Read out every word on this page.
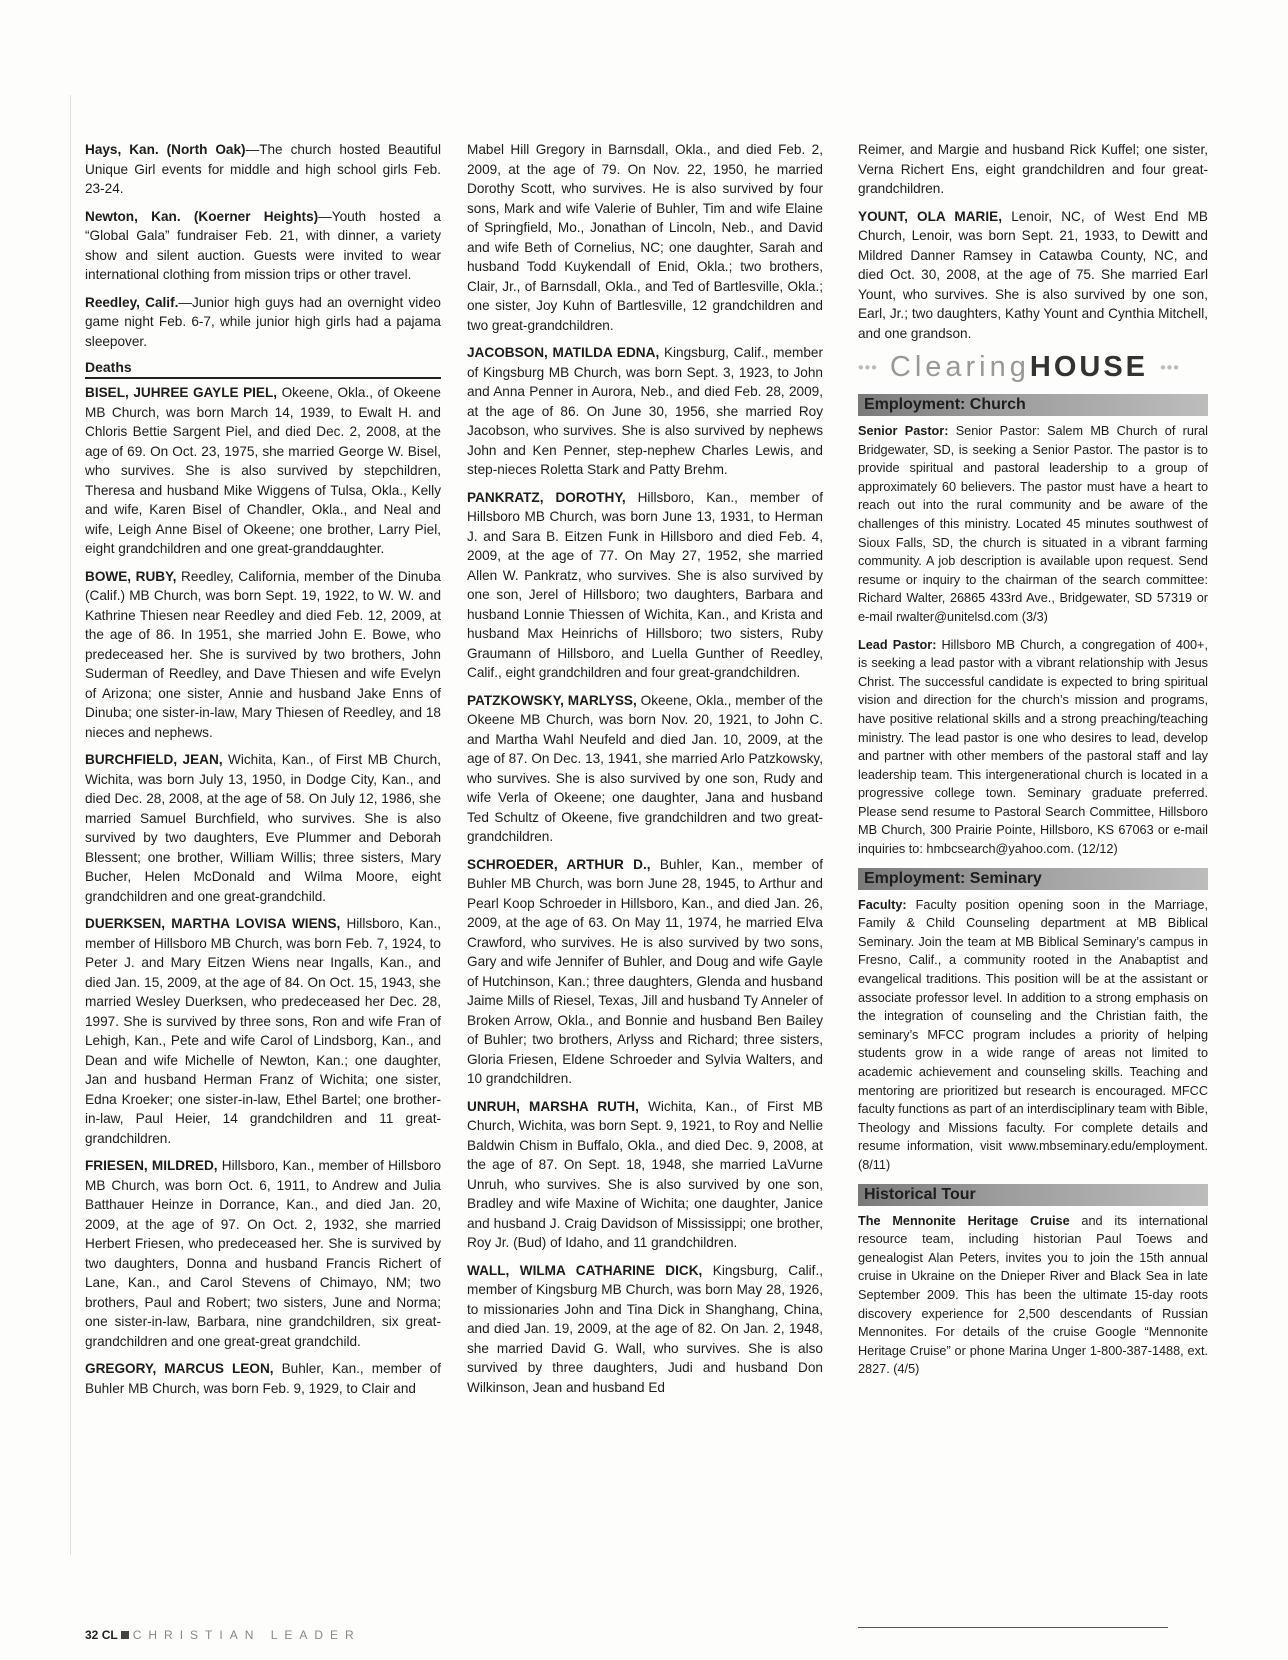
Hays, Kan. (North Oak)—The church hosted Beautiful Unique Girl events for middle and high school girls Feb. 23-24.

Newton, Kan. (Koerner Heights)—Youth hosted a “Global Gala” fundraiser Feb. 21, with dinner, a variety show and silent auction. Guests were invited to wear international clothing from mission trips or other travel.

Reedley, Calif.—Junior high guys had an overnight video game night Feb. 6-7, while junior high girls had a pajama sleepover.

Deaths

BISEL, JUHREE GAYLE PIEL, Okeene, Okla., of Okeene MB Church, was born March 14, 1939, to Ewalt H. and Chloris Bettie Sargent Piel, and died Dec. 2, 2008, at the age of 69. On Oct. 23, 1975, she married George W. Bisel, who survives. She is also survived by stepchildren, Theresa and husband Mike Wiggens of Tulsa, Okla., Kelly and wife, Karen Bisel of Chandler, Okla., and Neal and wife, Leigh Anne Bisel of Okeene; one brother, Larry Piel, eight grandchildren and one great-granddaughter.

BOWE, RUBY, Reedley, California, member of the Dinuba (Calif.) MB Church, was born Sept. 19, 1922, to W. W. and Kathrine Thiesen near Reedley and died Feb. 12, 2009, at the age of 86. In 1951, she married John E. Bowe, who predeceased her. She is survived by two brothers, John Suderman of Reedley, and Dave Thiesen and wife Evelyn of Arizona; one sister, Annie and husband Jake Enns of Dinuba; one sister-in-law, Mary Thiesen of Reedley, and 18 nieces and nephews.

BURCHFIELD, JEAN, Wichita, Kan., of First MB Church, Wichita, was born July 13, 1950, in Dodge City, Kan., and died Dec. 28, 2008, at the age of 58. On July 12, 1986, she married Samuel Burchfield, who survives. She is also survived by two daughters, Eve Plummer and Deborah Blessent; one brother, William Willis; three sisters, Mary Bucher, Helen McDonald and Wilma Moore, eight grandchildren and one great-grandchild.

DUERKSEN, MARTHA LOVISA WIENS, Hillsboro, Kan., member of Hillsboro MB Church, was born Feb. 7, 1924, to Peter J. and Mary Eitzen Wiens near Ingalls, Kan., and died Jan. 15, 2009, at the age of 84. On Oct. 15, 1943, she married Wesley Duerksen, who predeceased her Dec. 28, 1997. She is survived by three sons, Ron and wife Fran of Lehigh, Kan., Pete and wife Carol of Lindsborg, Kan., and Dean and wife Michelle of Newton, Kan.; one daughter, Jan and husband Herman Franz of Wichita; one sister, Edna Kroeker; one sister-in-law, Ethel Bartel; one brother-in-law, Paul Heier, 14 grandchildren and 11 great-grandchildren.

FRIESEN, MILDRED, Hillsboro, Kan., member of Hillsboro MB Church, was born Oct. 6, 1911, to Andrew and Julia Batthauer Heinze in Dorrance, Kan., and died Jan. 20, 2009, at the age of 97. On Oct. 2, 1932, she married Herbert Friesen, who predeceased her. She is survived by two daughters, Donna and husband Francis Richert of Lane, Kan., and Carol Stevens of Chimayo, NM; two brothers, Paul and Robert; two sisters, June and Norma; one sister-in-law, Barbara, nine grandchildren, six great-grandchildren and one great-great grandchild.

GREGORY, MARCUS LEON, Buhler, Kan., member of Buhler MB Church, was born Feb. 9, 1929, to Clair and

Mabel Hill Gregory in Barnsdall, Okla., and died Feb. 2, 2009, at the age of 79. On Nov. 22, 1950, he married Dorothy Scott, who survives. He is also survived by four sons, Mark and wife Valerie of Buhler, Tim and wife Elaine of Springfield, Mo., Jonathan of Lincoln, Neb., and David and wife Beth of Cornelius, NC; one daughter, Sarah and husband Todd Kuykendall of Enid, Okla.; two brothers, Clair, Jr., of Barnsdall, Okla., and Ted of Bartlesville, Okla.; one sister, Joy Kuhn of Bartlesville, 12 grandchildren and two great-grandchildren.

JACOBSON, MATILDA EDNA, Kingsburg, Calif., member of Kingsburg MB Church, was born Sept. 3, 1923, to John and Anna Penner in Aurora, Neb., and died Feb. 28, 2009, at the age of 86. On June 30, 1956, she married Roy Jacobson, who survives. She is also survived by nephews John and Ken Penner, step-nephew Charles Lewis, and step-nieces Roletta Stark and Patty Brehm.

PANKRATZ, DOROTHY, Hillsboro, Kan., member of Hillsboro MB Church, was born June 13, 1931, to Herman J. and Sara B. Eitzen Funk in Hillsboro and died Feb. 4, 2009, at the age of 77. On May 27, 1952, she married Allen W. Pankratz, who survives. She is also survived by one son, Jerel of Hillsboro; two daughters, Barbara and husband Lonnie Thiessen of Wichita, Kan., and Krista and husband Max Heinrichs of Hillsboro; two sisters, Ruby Graumann of Hillsboro, and Luella Gunther of Reedley, Calif., eight grandchildren and four great-grandchildren.

PATZKOWSKY, MARLYSS, Okeene, Okla., member of the Okeene MB Church, was born Nov. 20, 1921, to John C. and Martha Wahl Neufeld and died Jan. 10, 2009, at the age of 87. On Dec. 13, 1941, she married Arlo Patzkowsky, who survives. She is also survived by one son, Rudy and wife Verla of Okeene; one daughter, Jana and husband Ted Schultz of Okeene, five grandchildren and two great-grandchildren.

SCHROEDER, ARTHUR D., Buhler, Kan., member of Buhler MB Church, was born June 28, 1945, to Arthur and Pearl Koop Schroeder in Hillsboro, Kan., and died Jan. 26, 2009, at the age of 63. On May 11, 1974, he married Elva Crawford, who survives. He is also survived by two sons, Gary and wife Jennifer of Buhler, and Doug and wife Gayle of Hutchinson, Kan.; three daughters, Glenda and husband Jaime Mills of Riesel, Texas, Jill and husband Ty Anneler of Broken Arrow, Okla., and Bonnie and husband Ben Bailey of Buhler; two brothers, Arlyss and Richard; three sisters, Gloria Friesen, Eldene Schroeder and Sylvia Walters, and 10 grandchildren.

UNRUH, MARSHA RUTH, Wichita, Kan., of First MB Church, Wichita, was born Sept. 9, 1921, to Roy and Nellie Baldwin Chism in Buffalo, Okla., and died Dec. 9, 2008, at the age of 87. On Sept. 18, 1948, she married LaVurne Unruh, who survives. She is also survived by one son, Bradley and wife Maxine of Wichita; one daughter, Janice and husband J. Craig Davidson of Mississippi; one brother, Roy Jr. (Bud) of Idaho, and 11 grandchildren.

WALL, WILMA CATHARINE DICK, Kingsburg, Calif., member of Kingsburg MB Church, was born May 28, 1926, to missionaries John and Tina Dick in Shanghang, China, and died Jan. 19, 2009, at the age of 82. On Jan. 2, 1948, she married David G. Wall, who survives. She is also survived by three daughters, Judi and husband Don Wilkinson, Jean and husband Ed

Reimer, and Margie and husband Rick Kuffel; one sister, Verna Richert Ens, eight grandchildren and four great-grandchildren.

YOUNT, OLA MARIE, Lenoir, NC, of West End MB Church, Lenoir, was born Sept. 21, 1933, to Dewitt and Mildred Danner Ramsey in Catawba County, NC, and died Oct. 30, 2008, at the age of 75. She married Earl Yount, who survives. She is also survived by one son, Earl, Jr.; two daughters, Kathy Yount and Cynthia Mitchell, and one grandson.

••• ClearingHOUSE •••
Employment: Church

Senior Pastor: Senior Pastor: Salem MB Church of rural Bridgewater, SD, is seeking a Senior Pastor. The pastor is to provide spiritual and pastoral leadership to a group of approximately 60 believers. The pastor must have a heart to reach out into the rural community and be aware of the challenges of this ministry. Located 45 minutes southwest of Sioux Falls, SD, the church is situated in a vibrant farming community. A job description is available upon request. Send resume or inquiry to the chairman of the search committee: Richard Walter, 26865 433rd Ave., Bridgewater, SD 57319 or e-mail rwalter@unitelsd.com (3/3)

Lead Pastor: Hillsboro MB Church, a congregation of 400+, is seeking a lead pastor with a vibrant relationship with Jesus Christ. The successful candidate is expected to bring spiritual vision and direction for the church’s mission and programs, have positive relational skills and a strong preaching/teaching ministry. The lead pastor is one who desires to lead, develop and partner with other members of the pastoral staff and lay leadership team. This intergenerational church is located in a progressive college town. Seminary graduate preferred. Please send resume to Pastoral Search Committee, Hillsboro MB Church, 300 Prairie Pointe, Hillsboro, KS 67063 or e-mail inquiries to: hmbcsearch@yahoo.com. (12/12)

Employment: Seminary

Faculty: Faculty position opening soon in the Marriage, Family & Child Counseling department at MB Biblical Seminary. Join the team at MB Biblical Seminary’s campus in Fresno, Calif., a community rooted in the Anabaptist and evangelical traditions. This position will be at the assistant or associate professor level. In addition to a strong emphasis on the integration of counseling and the Christian faith, the seminary’s MFCC program includes a priority of helping students grow in a wide range of areas not limited to academic achievement and counseling skills. Teaching and mentoring are prioritized but research is encouraged. MFCC faculty functions as part of an interdisciplinary team with Bible, Theology and Missions faculty. For complete details and resume information, visit www.mbseminary.edu/employment. (8/11)

Historical Tour

The Mennonite Heritage Cruise and its international resource team, including historian Paul Toews and genealogist Alan Peters, invites you to join the 15th annual cruise in Ukraine on the Dnieper River and Black Sea in late September 2009. This has been the ultimate 15-day roots discovery experience for 2,500 descendants of Russian Mennonites. For details of the cruise Google “Mennonite Heritage Cruise” or phone Marina Unger 1-800-387-1488, ext. 2827. (4/5)

32 CL CHRISTIAN LEADER
